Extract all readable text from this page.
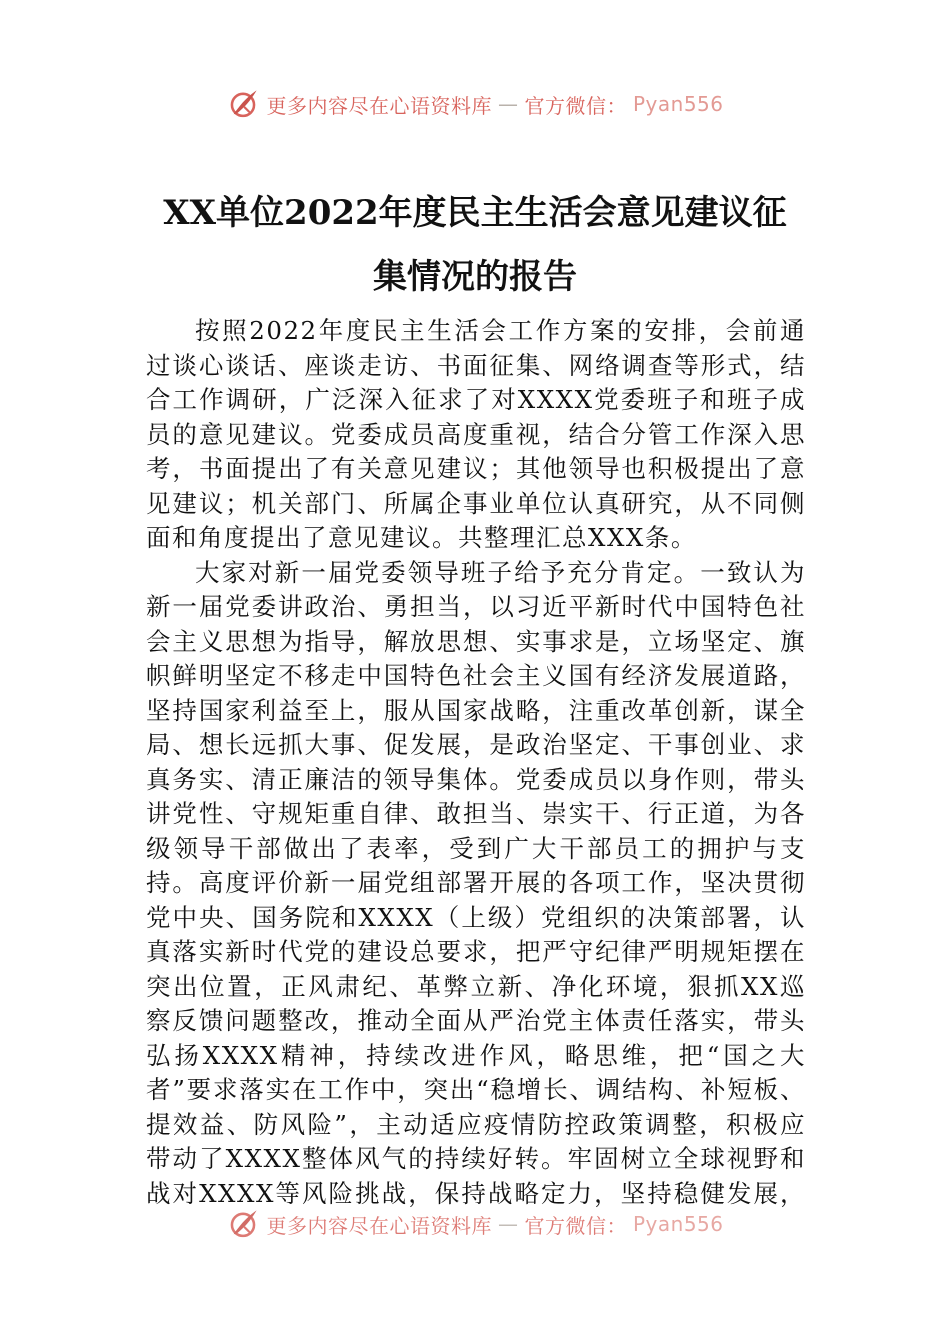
更多内容尽在心语资料库 — 官方微信： Pyan556
XX单位2022年度民主生活会意见建议征
集情况的报告

按照2022年度民主生活会工作方案的安排，会前通过谈心谈话、座谈走访、书面征集、网络调查等形式，结合工作调研，广泛深入征求了对XXXX党委班子和班子成员的意见建议。党委成员高度重视，结合分管工作深入思考，书面提出了有关意见建议；其他领导也积极提出了意见建议；机关部门、所属企事业单位认真研究，从不同侧面和角度提出了意见建议。共整理汇总XXX条。

大家对新一届党委领导班子给予充分肯定。一致认为新一届党委讲政治、勇担当，以习近平新时代中国特色社会主义思想为指导，解放思想、实事求是，立场坚定、旗帜鲜明坚定不移走中国特色社会主义国有经济发展道路，坚持国家利益至上，服从国家战略，注重改革创新，谋全局、想长远抓大事、促发展，是政治坚定、干事创业、求真务实、清正廉洁的领导集体。党委成员以身作则，带头讲党性、守规矩重自律、敢担当、崇实干、行正道，为各级领导干部做出了表率，受到广大干部员工的拥护与支持。高度评价新一届党组部署开展的各项工作，坚决贯彻党中央、国务院和XXXX（上级）党组织的决策部署，认真落实新时代党的建设总要求，把严守纪律严明规矩摆在突出位置，正风肃纪、革弊立新、净化环境，狠抓XX巡察反馈问题整改，推动全面从严治党主体责任落实，带头弘扬XXXX精神，持续改进作风，略思维，把“国之大者”要求落实在工作中，突出“稳增长、调结构、补短板、提效益、防风险”，主动适应疫情防控政策调整，积极应带动了XXXX整体风气的持续好转。牢固树立全球视野和战对XXXX等风险挑战，保持战略定力，坚持稳健发展，

更多内容尽在心语资料库 — 官方微信： Pyan556
